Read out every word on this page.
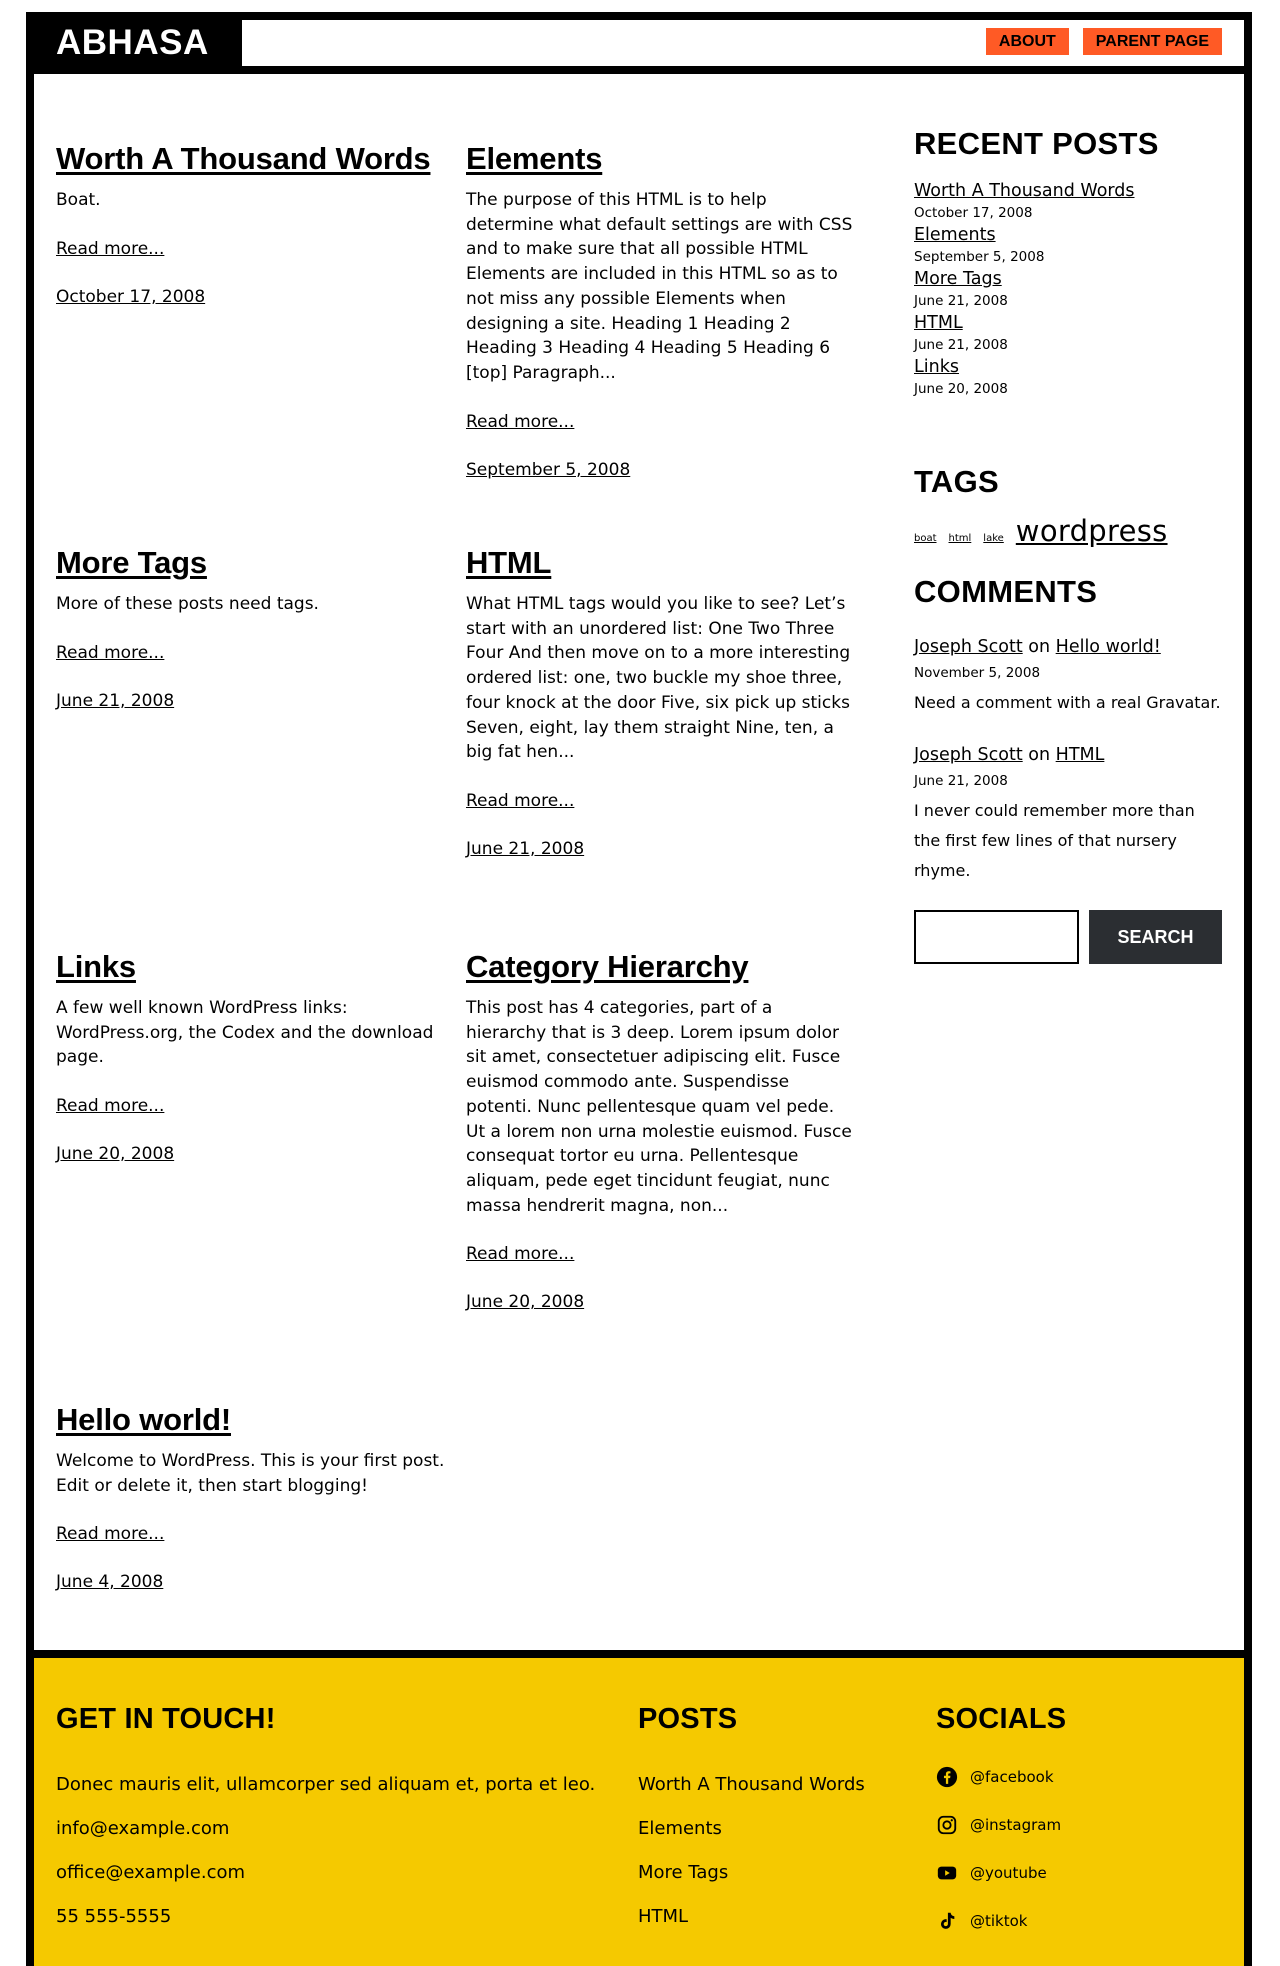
ABHASA	ABOUT	PARENT PAGE
Worth A Thousand Words

Boat.

Read more...
October 17, 2008
Elements

The purpose of this HTML is to help determine what default settings are with CSS and to make sure that all possible HTML Elements are included in this HTML so as to not miss any possible Elements when designing a site. Heading 1 Heading 2 Heading 3 Heading 4 Heading 5 Heading 6 [top] Paragraph...

Read more...
September 5, 2008
More Tags

More of these posts need tags.

Read more...
June 21, 2008
HTML

What HTML tags would you like to see? Let’s start with an unordered list: One Two Three Four And then move on to a more interesting ordered list: one, two buckle my shoe three, four knock at the door Five, six pick up sticks Seven, eight, lay them straight Nine, ten, a big fat hen...

Read more...
June 21, 2008
Links

A few well known WordPress links: WordPress.org, the Codex and the download page.

Read more...
June 20, 2008
Category Hierarchy

This post has 4 categories, part of a hierarchy that is 3 deep. Lorem ipsum dolor sit amet, consectetuer adipiscing elit. Fusce euismod commodo ante. Suspendisse potenti. Nunc pellentesque quam vel pede. Ut a lorem non urna molestie euismod. Fusce consequat tortor eu urna. Pellentesque aliquam, pede eget tincidunt feugiat, nunc massa hendrerit magna, non...

Read more...
June 20, 2008
Hello world!

Welcome to WordPress. This is your first post. Edit or delete it, then start blogging!

Read more...
June 4, 2008
RECENT POSTS
Worth A Thousand Words
October 17, 2008
Elements
September 5, 2008
More Tags
June 21, 2008
HTML
June 21, 2008
Links
June 20, 2008
TAGS
boat html lake wordpress
COMMENTS
Joseph Scott on Hello world!
November 5, 2008
Need a comment with a real Gravatar.
Joseph Scott on HTML
June 21, 2008
I never could remember more than the first few lines of that nursery rhyme.
SEARCH
GET IN TOUCH!
Donec mauris elit, ullamcorper sed aliquam et, porta et leo.
info@example.com
office@example.com
55 555-5555
POSTS
Worth A Thousand Words
Elements
More Tags
HTML
SOCIALS
@facebook
@instagram
@youtube
@tiktok
